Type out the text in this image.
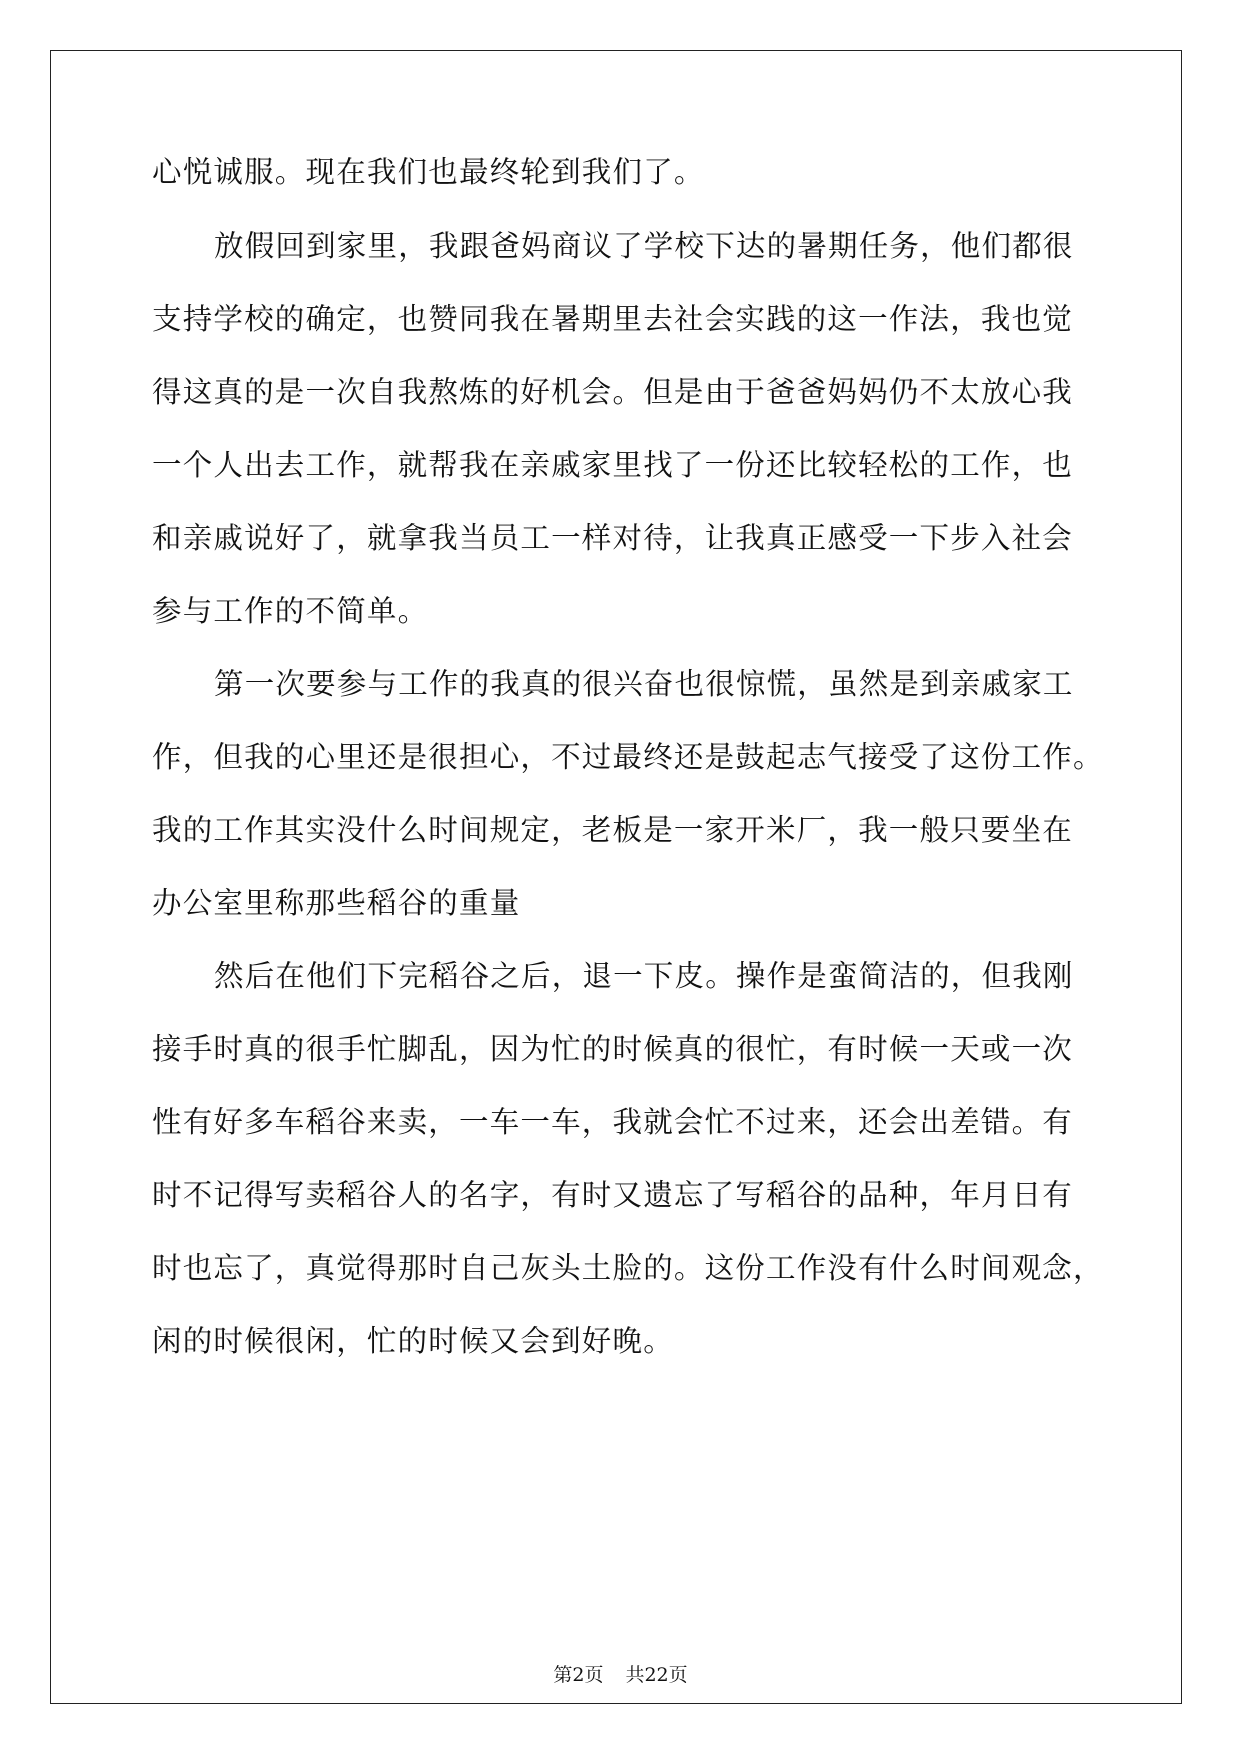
心悦诚服。现在我们也最终轮到我们了。
放假回到家里，我跟爸妈商议了学校下达的暑期任务，他们都很
支持学校的确定，也赞同我在暑期里去社会实践的这一作法，我也觉
得这真的是一次自我熬炼的好机会。但是由于爸爸妈妈仍不太放心我
一个人出去工作，就帮我在亲戚家里找了一份还比较轻松的工作，也
和亲戚说好了，就拿我当员工一样对待，让我真正感受一下步入社会
参与工作的不简单。
第一次要参与工作的我真的很兴奋也很惊慌，虽然是到亲戚家工
作，但我的心里还是很担心，不过最终还是鼓起志气接受了这份工作。
我的工作其实没什么时间规定，老板是一家开米厂，我一般只要坐在
办公室里称那些稻谷的重量
然后在他们下完稻谷之后，退一下皮。操作是蛮简洁的，但我刚
接手时真的很手忙脚乱，因为忙的时候真的很忙，有时候一天或一次
性有好多车稻谷来卖，一车一车，我就会忙不过来，还会出差错。有
时不记得写卖稻谷人的名字，有时又遗忘了写稻谷的品种，年月日有
时也忘了，真觉得那时自己灰头土脸的。这份工作没有什么时间观念，
闲的时候很闲，忙的时候又会到好晚。
第2页 共22页
